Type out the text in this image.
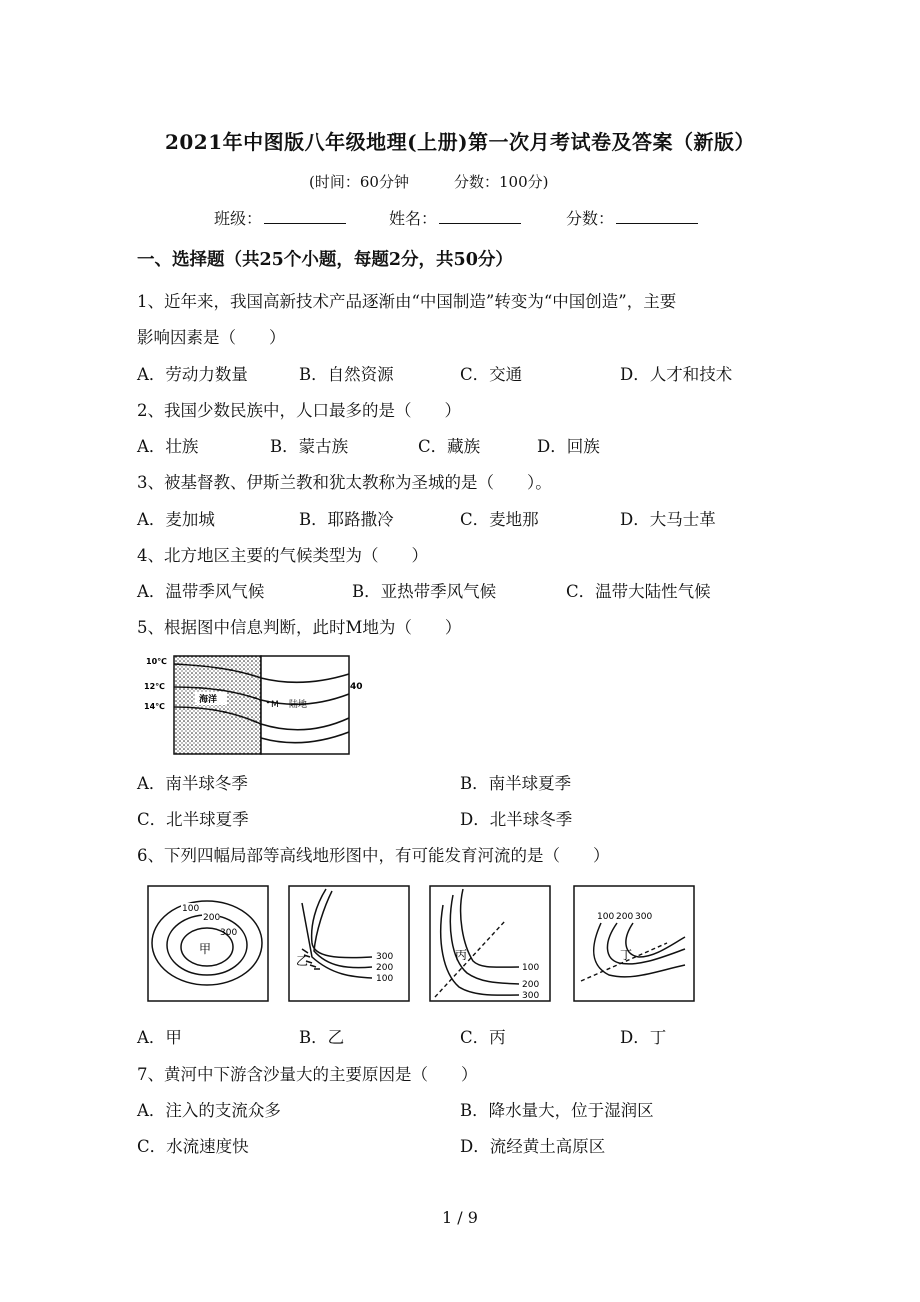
2021年中图版八年级地理(上册)第一次月考试卷及答案（新版）
(时间：60分钟	分数：100分)
班级：	姓名：	分数：
一、选择题（共25个小题，每题2分，共50分）
1、近年来，我国高新技术产品逐渐由“中国制造”转变为“中国创造”，主要
影响因素是（　　）
A．劳动力数量	B．自然资源	C．交通	D．人才和技术
2、我国少数民族中，人口最多的是（　　）
A．壮族	B．蒙古族	C．藏族	D．回族
3、被基督教、伊斯兰教和犹太教称为圣城的是（　　）。
A．麦加城	B．耶路撒冷	C．麦地那	D．大马士革
4、北方地区主要的气候类型为（　　）
A．温带季风气候	B．亚热带季风气候	C．温带大陆性气候
5、根据图中信息判断，此时M地为（　　）
10℃
12℃
14℃
海洋	M 陆地
40
A．南半球冬季	B．南半球夏季
C．北半球夏季	D．北半球冬季
6、下列四幅局部等高线地形图中，有可能发育河流的是（　　）
100
200
300
甲
乙	300
200
100
丙
100
200
300
100 200 300
丁
A．甲	B．乙	C．丙	D．丁
7、黄河中下游含沙量大的主要原因是（　　）
A．注入的支流众多	B．降水量大，位于湿润区
C．水流速度快	D．流经黄土高原区
1 / 9
